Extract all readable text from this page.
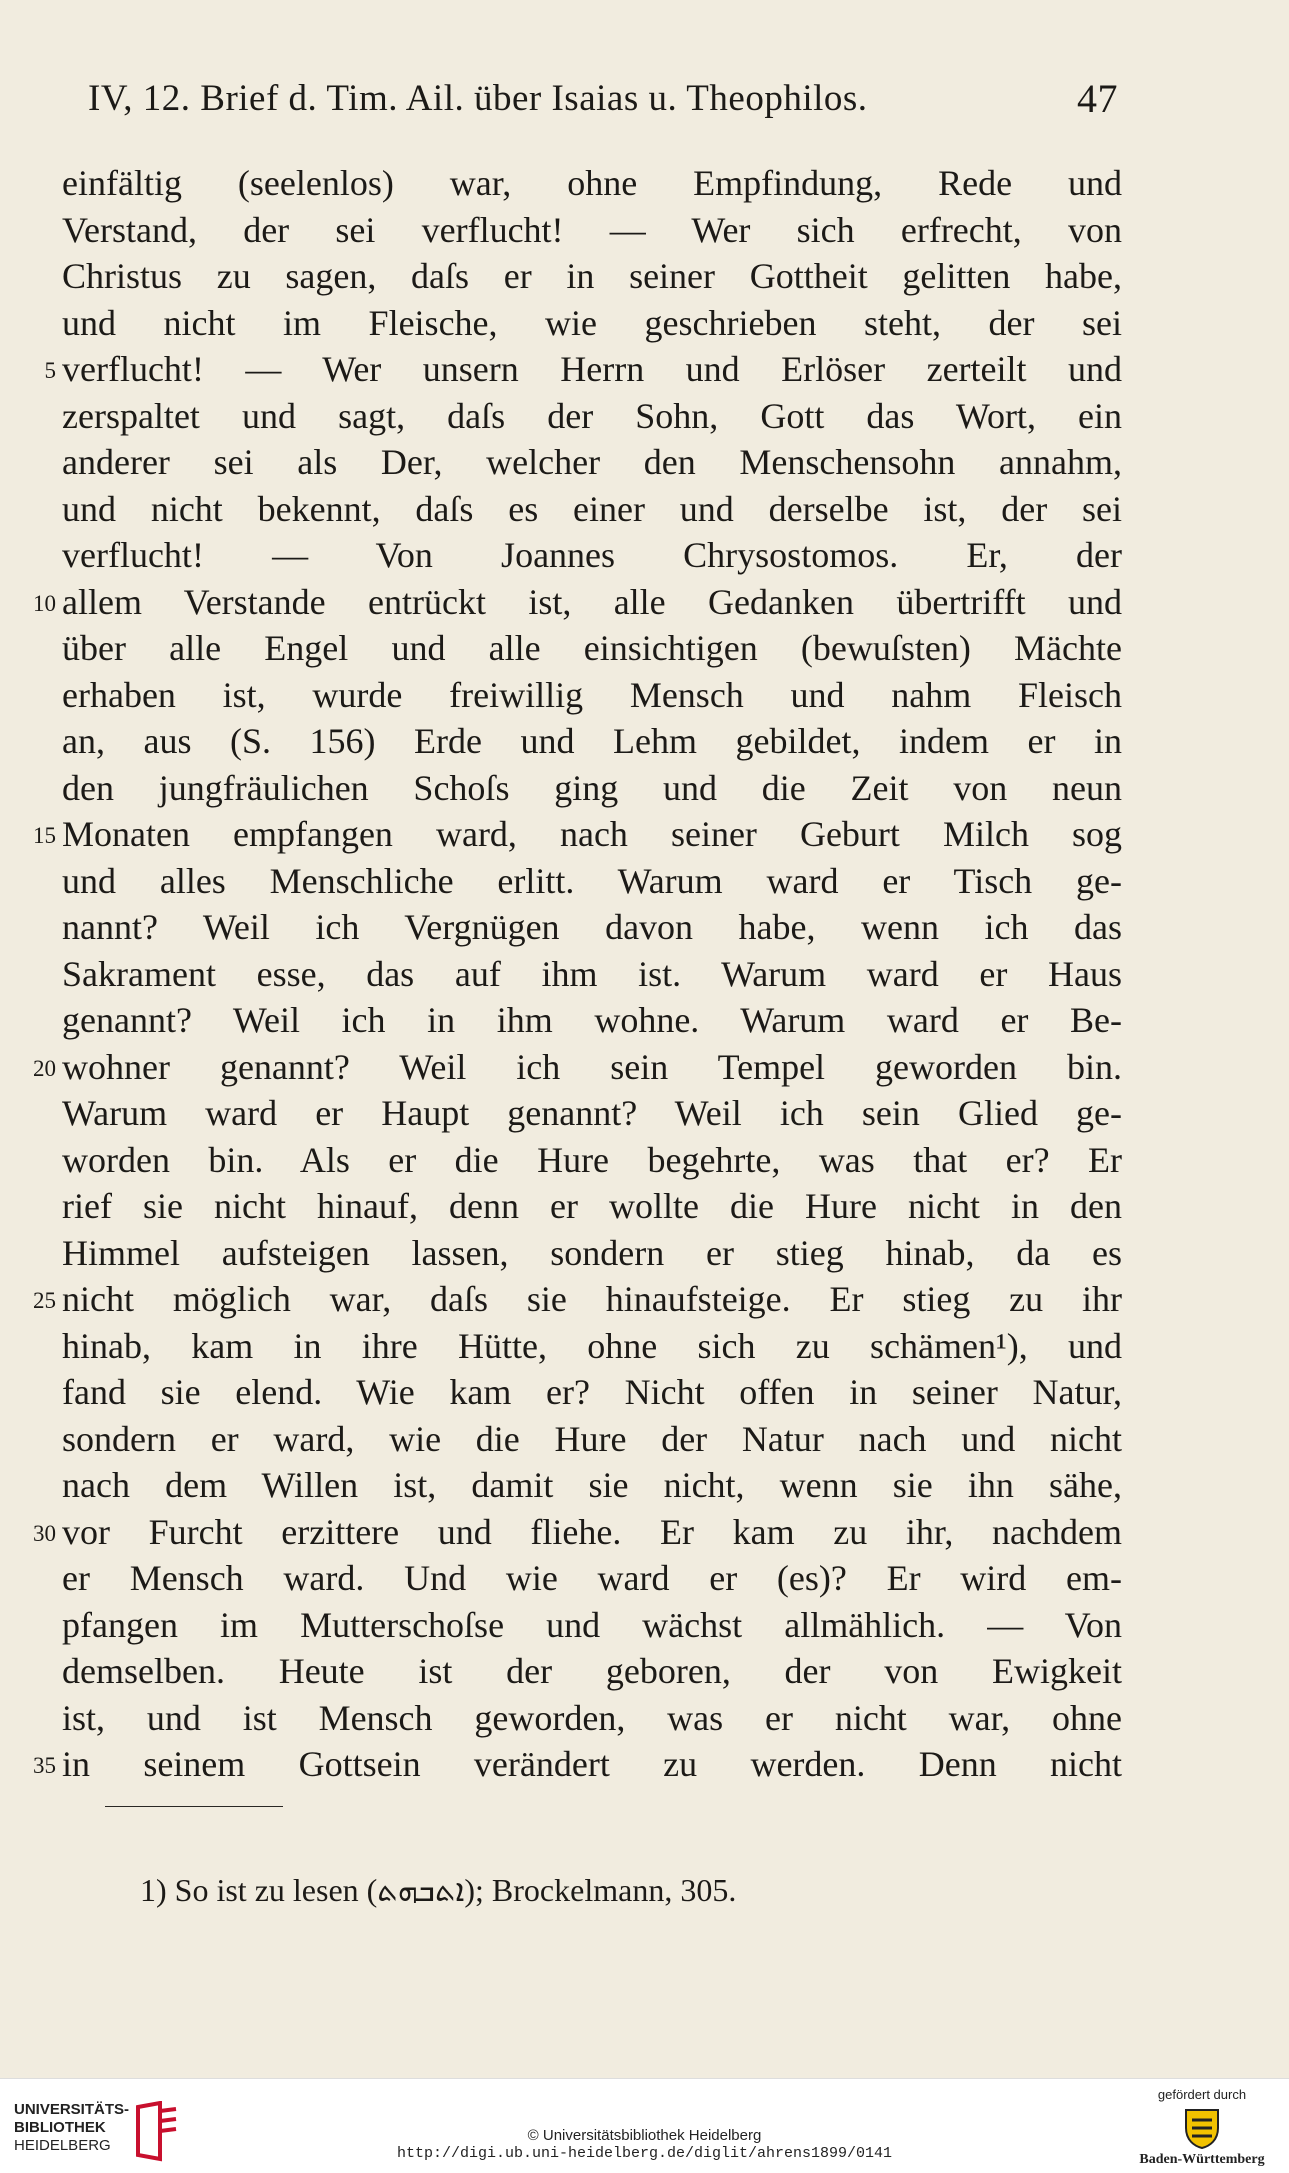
IV, 12. Brief d. Tim. Ail. über Isaias u. Theophilos.	47
einfältig (seelenlos) war, ohne Empfindung, Rede und
Verstand, der sei verflucht! — Wer sich erfrecht, von
Christus zu sagen, daſs er in seiner Gottheit gelitten habe,
und nicht im Fleische, wie geschrieben steht, der sei
5 verflucht! — Wer unsern Herrn und Erlöser zerteilt und
zerspaltet und sagt, daſs der Sohn, Gott das Wort, ein
anderer sei als Der, welcher den Menschensohn annahm,
und nicht bekennt, daſs es einer und derselbe ist, der sei
verflucht! — Von Joannes Chrysostomos. Er, der
10 allem Verstande entrückt ist, alle Gedanken übertrifft und
über alle Engel und alle einsichtigen (bewuſsten) Mächte
erhaben ist, wurde freiwillig Mensch und nahm Fleisch
an, aus (S. 156) Erde und Lehm gebildet, indem er in
den jungfräulichen Schoſs ging und die Zeit von neun
15 Monaten empfangen ward, nach seiner Geburt Milch sog
und alles Menschliche erlitt. Warum ward er Tisch ge-
nannt? Weil ich Vergnügen davon habe, wenn ich das
Sakrament esse, das auf ihm ist. Warum ward er Haus
genannt? Weil ich in ihm wohne. Warum ward er Be-
20 wohner genannt? Weil ich sein Tempel geworden bin.
Warum ward er Haupt genannt? Weil ich sein Glied ge-
worden bin. Als er die Hure begehrte, was that er? Er
rief sie nicht hinauf, denn er wollte die Hure nicht in den
Himmel aufsteigen lassen, sondern er stieg hinab, da es
25 nicht möglich war, daſs sie hinaufsteige. Er stieg zu ihr
hinab, kam in ihre Hütte, ohne sich zu schämen¹), und
fand sie elend. Wie kam er? Nicht offen in seiner Natur,
sondern er ward, wie die Hure der Natur nach und nicht
nach dem Willen ist, damit sie nicht, wenn sie ihn sähe,
30 vor Furcht erzittere und fliehe. Er kam zu ihr, nachdem
er Mensch ward. Und wie ward er (es)? Er wird em-
pfangen im Mutterschoſse und wächst allmählich. — Von
demselben. Heute ist der geboren, der von Ewigkeit
ist, und ist Mensch geworden, was er nicht war, ohne
35 in seinem Gottsein verändert zu werden. Denn nicht
1) So ist zu lesen (ܐܬܒܗܬ); Brockelmann, 305.
UNIVERSITÄTS-
BIBLIOTHEK
HEIDELBERG
© Universitätsbibliothek Heidelberg
http://digi.ub.uni-heidelberg.de/diglit/ahrens1899/0141
gefördert durch
Baden-Württemberg
